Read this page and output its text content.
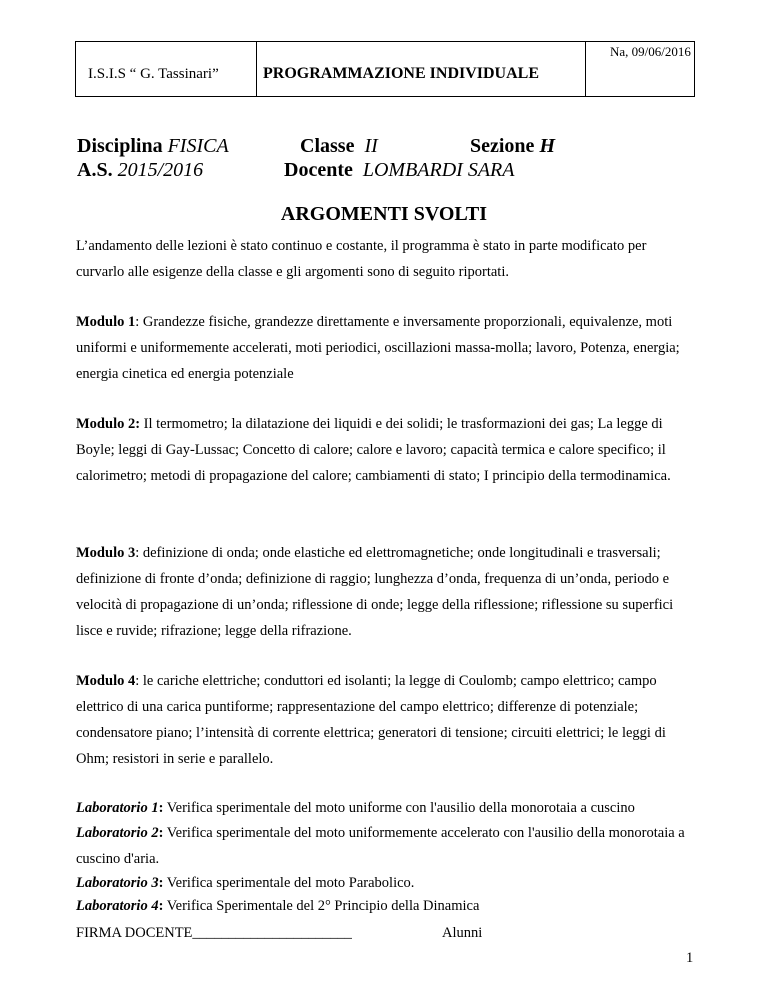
I.S.I.S “ G. Tassinari”	PROGRAMMAZIONE INDIVIDUALE
Na, 09/06/2016
Disciplina FISICA
A.S. 2015/2016
Classe II	Sezione H
Docente LOMBARDI SARA
ARGOMENTI SVOLTI
L’andamento delle lezioni è stato continuo e costante, il programma è stato in parte modificato per curvarlo alle esigenze della classe e gli argomenti sono di seguito riportati.
Modulo 1: Grandezze fisiche, grandezze direttamente e inversamente proporzionali, equivalenze, moti uniformi e uniformemente accelerati, moti periodici, oscillazioni massa-molla; lavoro, Potenza, energia; energia cinetica ed energia potenziale
Modulo 2: Il termometro; la dilatazione dei liquidi e dei solidi; le trasformazioni dei gas; La legge di Boyle; leggi di Gay-Lussac; Concetto di calore; calore e lavoro; capacità termica e calore specifico; il calorimetro; metodi di propagazione del calore; cambiamenti di stato; I principio della termodinamica.
Modulo 3: definizione di onda; onde elastiche ed elettromagnetiche; onde longitudinali e trasversali; definizione di fronte d’onda; definizione di raggio; lunghezza d’onda, frequenza di un’onda, periodo e velocità di propagazione di un’onda; riflessione di onde; legge della riflessione; riflessione su superfici lisce e ruvide; rifrazione; legge della rifrazione.
Modulo 4: le cariche elettriche; conduttori ed isolanti; la legge di Coulomb; campo elettrico; campo elettrico di una carica puntiforme; rappresentazione del campo elettrico; differenze di potenziale; condensatore piano; l’intensità di corrente elettrica; generatori di tensione; circuiti elettrici; le leggi di Ohm; resistori in serie e parallelo.
Laboratorio 1: Verifica sperimentale del moto uniforme con l'ausilio della monorotaia a cuscino
Laboratorio 2: Verifica sperimentale del moto uniformemente accelerato con l'ausilio della monorotaia a cuscino d'aria.
Laboratorio 3: Verifica sperimentale del moto Parabolico.
Laboratorio 4: Verifica Sperimentale del 2° Principio della Dinamica
FIRMA DOCENTE______________________	Alunni
1
